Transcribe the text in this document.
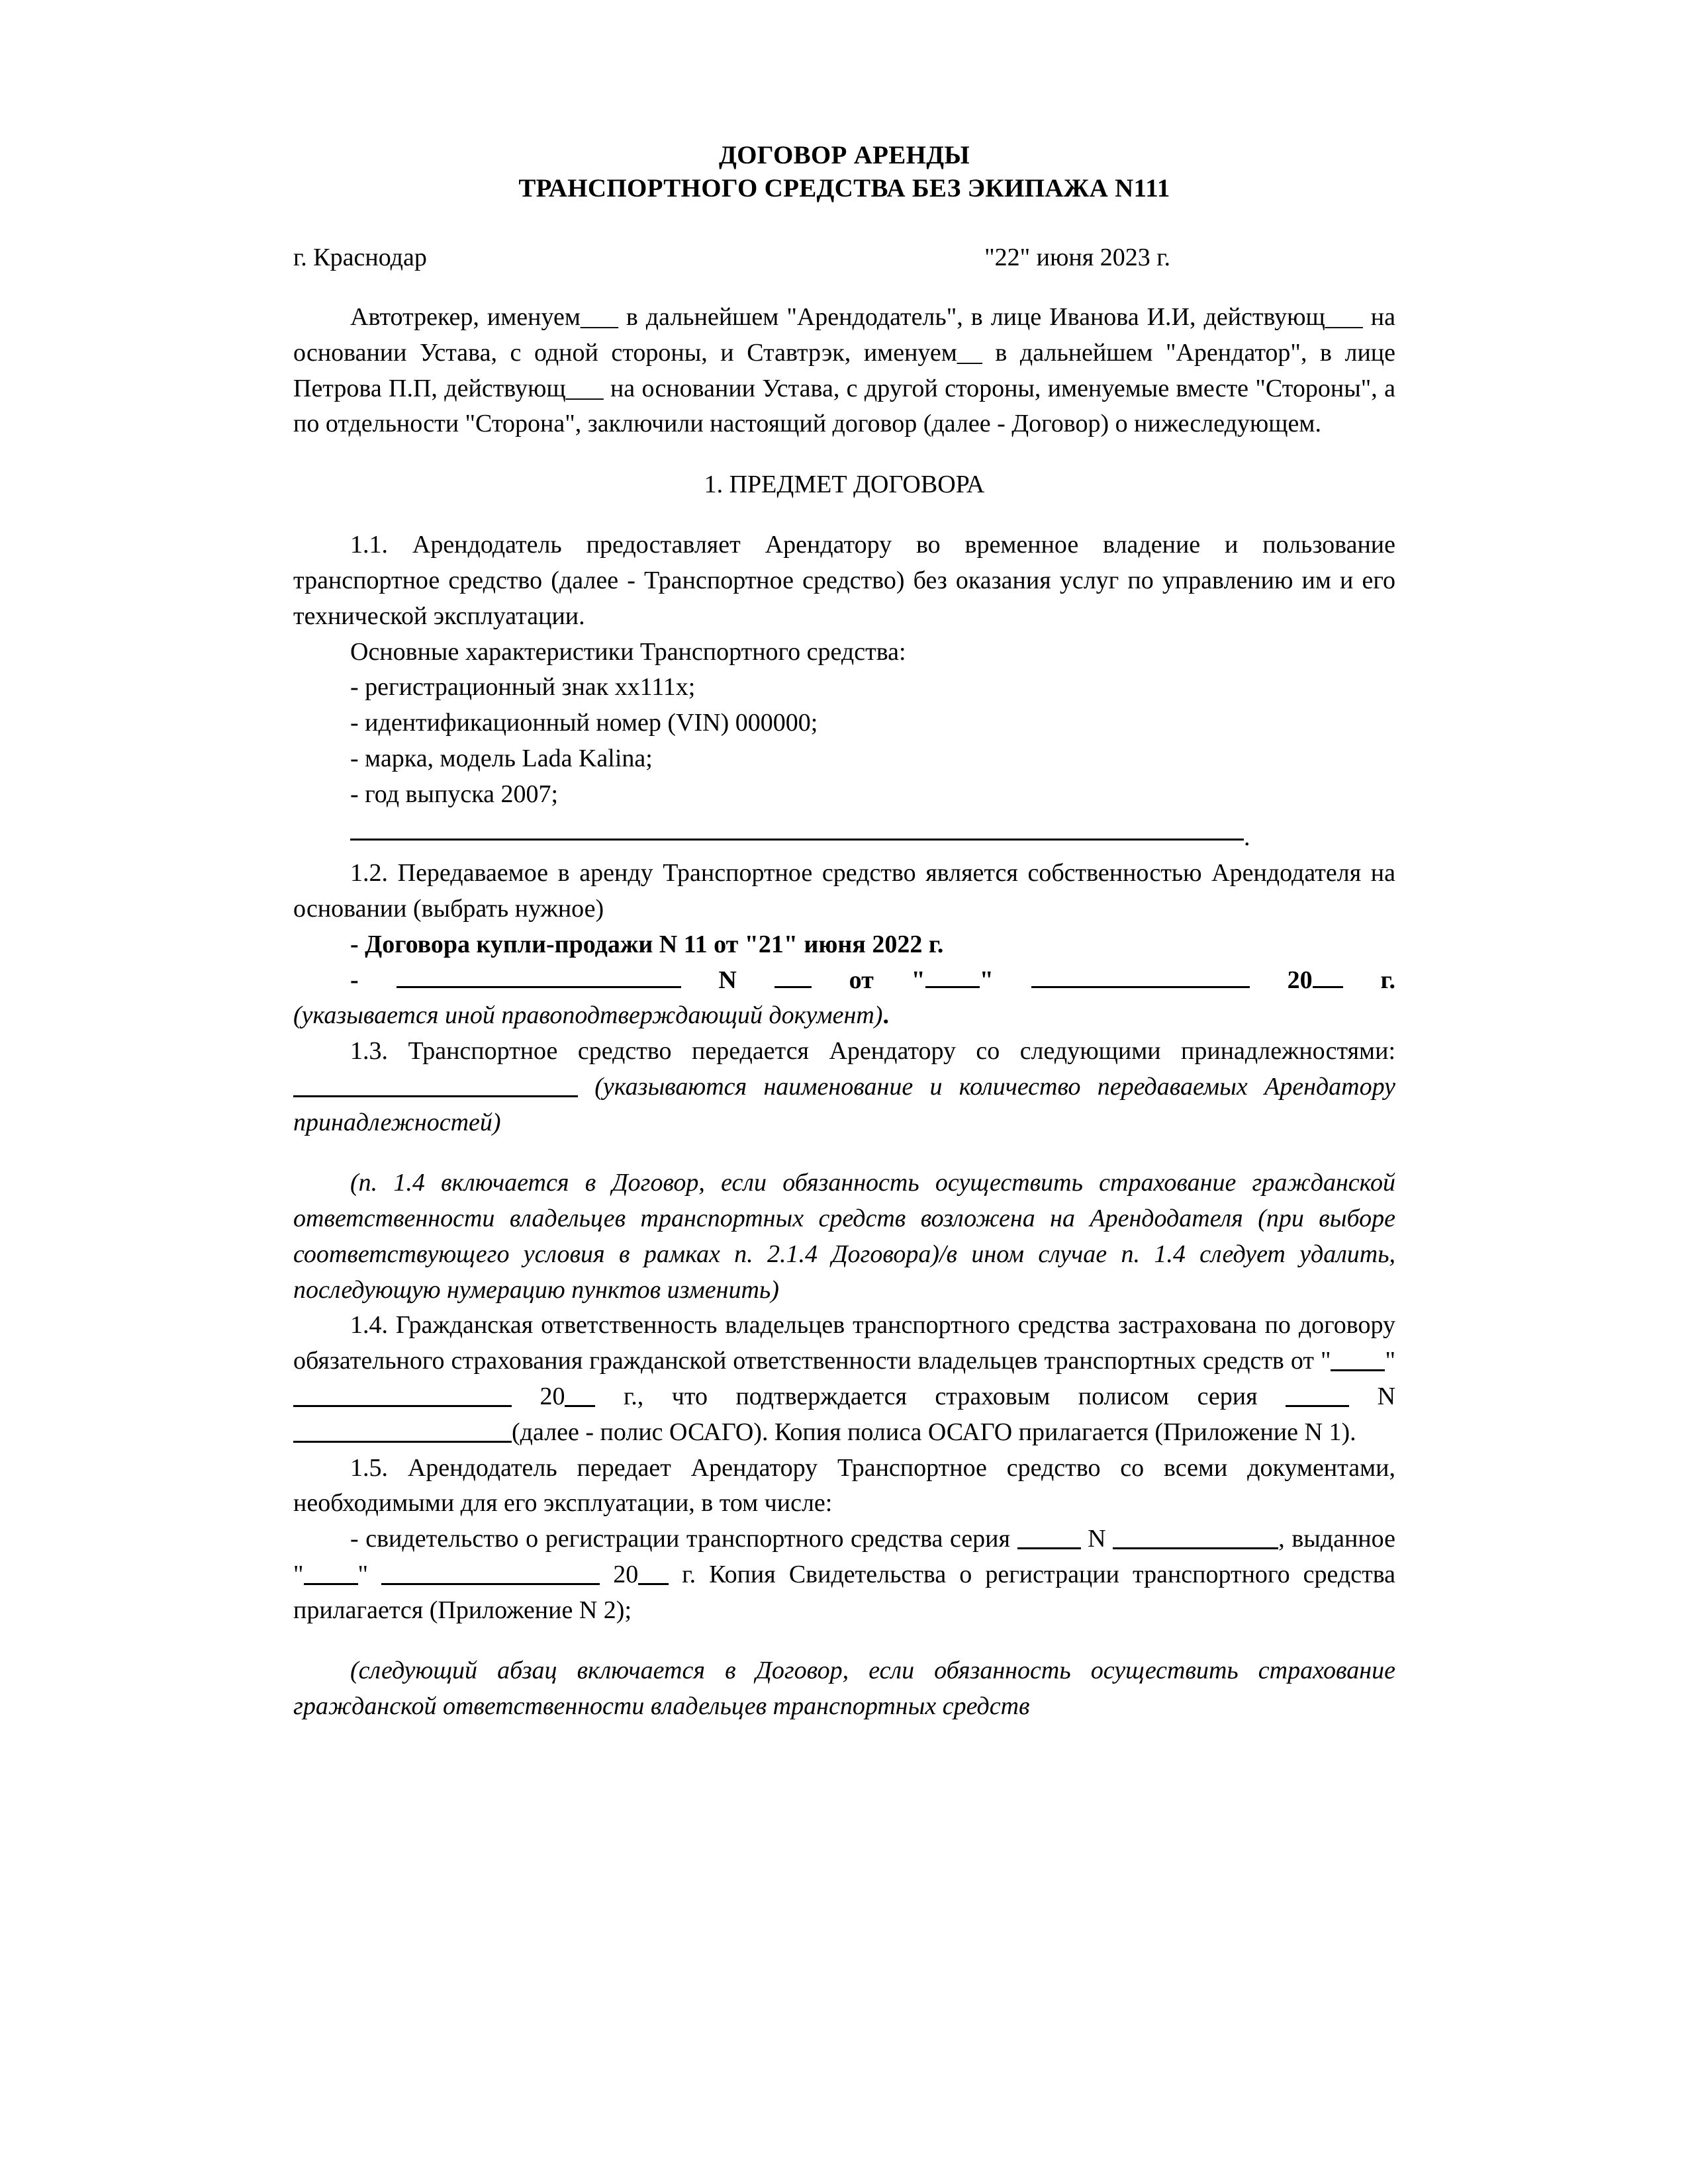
ДОГОВОР АРЕНДЫ
ТРАНСПОРТНОГО СРЕДСТВА БЕЗ ЭКИПАЖА N111
г. Краснодар	"22" июня 2023 г.

Автотрекер, именуем___ в дальнейшем "Арендодатель", в лице Иванова И.И, действующ___ на основании Устава, с одной стороны, и Ставтрэк, именуем__ в дальнейшем "Арендатор", в лице Петрова П.П, действующ___ на основании Устава, с другой стороны, именуемые вместе "Стороны", а по отдельности "Сторона", заключили настоящий договор (далее - Договор) о нижеследующем.

1. ПРЕДМЕТ ДОГОВОРА

1.1. Арендодатель предоставляет Арендатору во временное владение и пользование транспортное средство (далее - Транспортное средство) без оказания услуг по управлению им и его технической эксплуатации.

Основные характеристики Транспортного средства:

- регистрационный знак хх111х;

- идентификационный номер (VIN) 000000;

- марка, модель Lada Kalina;

- год выпуска 2007;

.

1.2. Передаваемое в аренду Транспортное средство является собственностью Арендодателя на основании (выбрать нужное)

- Договора купли-продажи N 11 от "21" июня 2022 г.

-	N	от " "	20	г.

(указывается иной правоподтверждающий документ).

1.3. Транспортное средство передается Арендатору со следующими принадлежностями:  (указываются наименование и количество передаваемых Арендатору принадлежностей)

(п. 1.4 включается в Договор, если обязанность осуществить страхование гражданской ответственности владельцев транспортных средств возложена на Арендодателя (при выборе соответствующего условия в рамках п. 2.1.4 Договора)/в ином случае п. 1.4 следует удалить, последующую нумерацию пунктов изменить)

1.4. Гражданская ответственность владельцев транспортного средства застрахована по договору обязательного страхования гражданской ответственности владельцев транспортных средств от " "  20 г., что подтверждается страховым полисом серия	N (далее - полис ОСАГО). Копия полиса ОСАГО прилагается (Приложение N 1).

1.5. Арендодатель передает Арендатору Транспортное средство со всеми документами, необходимыми для его эксплуатации, в том числе:

- свидетельство о регистрации транспортного средства серия	N	, выданное " "	20 г. Копия Свидетельства о регистрации транспортного средства прилагается (Приложение N 2);

(следующий абзац включается в Договор, если обязанность осуществить страхование гражданской ответственности владельцев транспортных средств
